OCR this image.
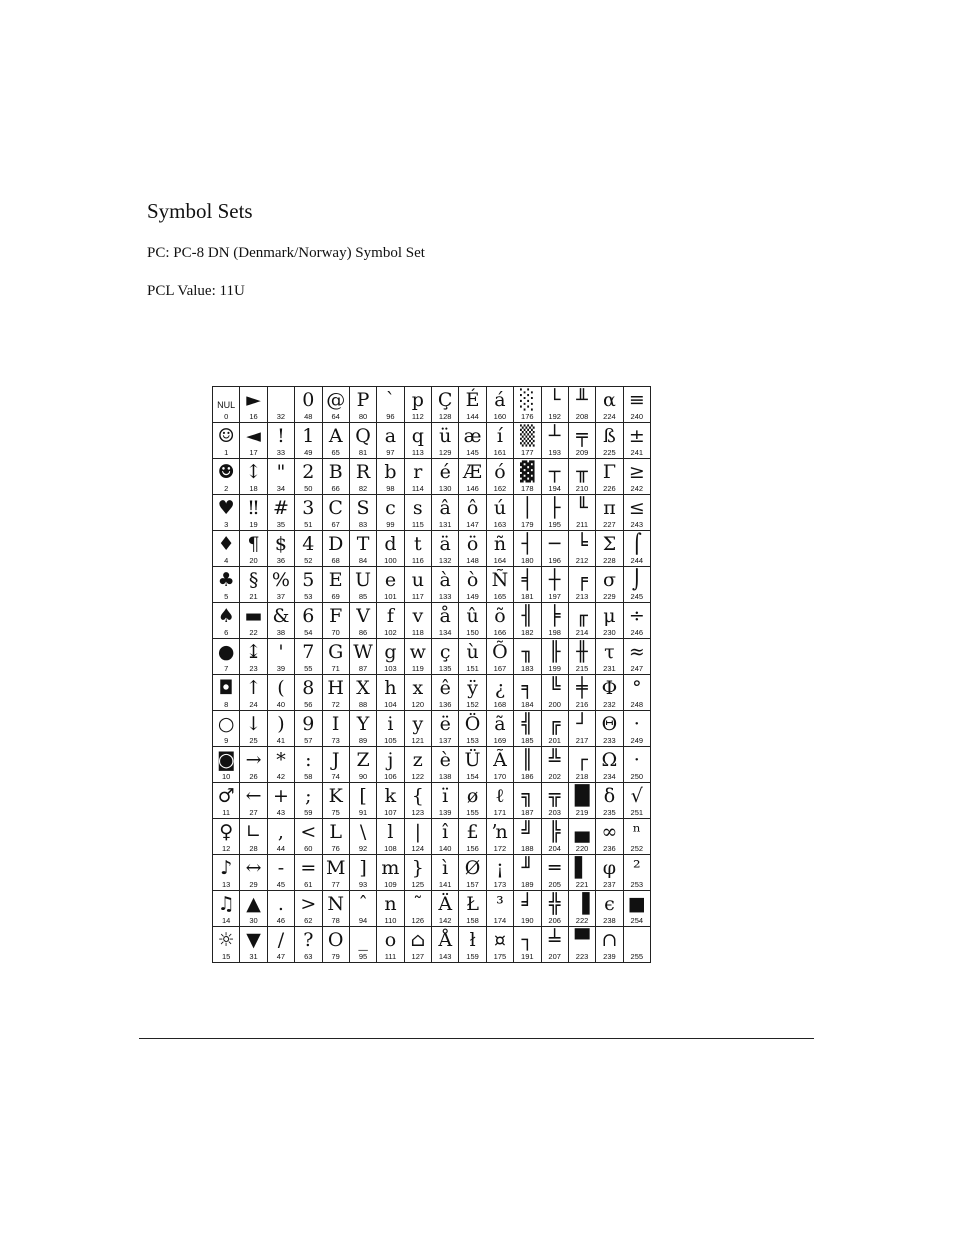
Symbol Sets
PC: PC-8 DN (Denmark/Norway) Symbol Set
PCL Value: 11U
NUL
0
►
16	32
0
48
@
64
P
80
`
96
p
112
Ç
128
É
144
á
160
░
176
└
192
╨
208
α
224
≡
240
☺
1
◄
17
!
33
1
49
A
65
Q
81
a
97
q
113
ü
129
æ
145
í
161
▒
177
┴
193
╤
209
ß
225
±
241
☻
2
↕
18
"
34
2
50
B
66
R
82
b
98
r
114
é
130
Æ
146
ó
162
▓
178
┬
194
╥
210
Γ
226
≥
242
♥
3
‼
19
#
35
3
51
C
67
S
83
c
99
s
115
â
131
ô
147
ú
163
│
179
├
195
╙
211
π
227
≤
243
♦
4
¶
20
$
36
4
52
D
68
T
84
d
100
t
116
ä
132
ö
148
ñ
164
┤
180
─
196
╘
212
Σ
228
⌠
244
♣
5
§
21
%
37
5
53
E
69
U
85
e
101
u
117
à
133
ò
149
Ñ
165
╡
181
┼
197
╒
213
σ
229
⌡
245
♠
6
▬
22
&
38
6
54
F
70
V
86
f
102
v
118
å
134
û
150
õ
166
╢
182
╞
198
╓
214
μ
230
÷
246
●
7
↨
23
'
39
7
55
G
71
W
87
g
103
w
119
ç
135
ù
151
Õ
167
╖
183
╟
199
╫
215
τ
231
≈
247
◘
8
↑
24
(
40
8
56
H
72
X
88
h
104
x
120
ê
136
ÿ
152
¿
168
╕
184
╚
200
╪
216
Φ
232
°
248
○
9
↓
25
)
41
9
57
I
73
Y
89
i
105
y
121
ë
137
Ö
153
ã
169
╣
185
╔
201
┘
217
Θ
233
·
249
◙
10
→
26
*
42
:
58
J
74
Z
90
j
106
z
122
è
138
Ü
154
Ã
170
║
186
╩
202
┌
218
Ω
234
·
250
♂
11
←
27
+
43
;
59
K
75
[
91
k
107
{
123
ï
139
ø
155
ℓ
171
╗
187
╦
203
█
219
δ
235
√
251
♀
12
∟
28
,
44
<
60
L
76
\
92
l
108
|
124
î
140
£
156
ŉ
172
╝
188
╠
204
▄
220
∞
236
ⁿ
252
♪
13
↔
29
-
45
=
61
M
77
]
93
m
109
}
125
ì
141
Ø
157
¡
173
╜
189
═
205
▌
221
φ
237
²
253
♫
14
▲
30
.
46
>
62
N
78
ˆ
94
n
110
˜
126
Ä
142
Ł
158
³
174
╛
190
╬
206
▐
222
ϵ
238
■
254
☼
15
▼
31
/
47
?
63
O
79
_
95
o
111
⌂
127
Å
143
ł
159
¤
175
┐
191
╧
207
▀
223
∩
239	255
